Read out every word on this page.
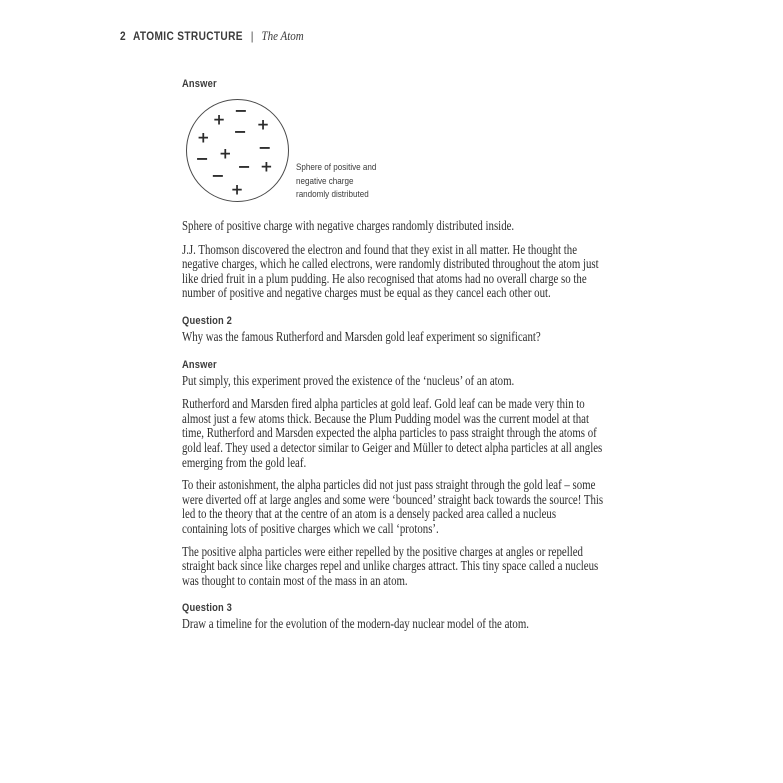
2 ATOMIC STRUCTURE | The Atom
Answer
−
+ +
−
+
−
+
−	+
−
−
+
Sphere of positive and
negative charge
randomly distributed

Sphere of positive charge with negative charges randomly distributed inside.

J.J. Thomson discovered the electron and found that they exist in all matter. He thought the negative charges, which he called electrons, were randomly distributed throughout the atom just like dried fruit in a plum pudding. He also recognised that atoms had no overall charge so the number of positive and negative charges must be equal as they cancel each other out.

Question 2

Why was the famous Rutherford and Marsden gold leaf experiment so significant?

Answer

Put simply, this experiment proved the existence of the ‘nucleus’ of an atom.

Rutherford and Marsden fired alpha particles at gold leaf. Gold leaf can be made very thin to almost just a few atoms thick. Because the Plum Pudding model was the current model at that time, Rutherford and Marsden expected the alpha particles to pass straight through the atoms of gold leaf. They used a detector similar to Geiger and Müller to detect alpha particles at all angles emerging from the gold leaf.

To their astonishment, the alpha particles did not just pass straight through the gold leaf – some were diverted off at large angles and some were ‘bounced’ straight back towards the source! This led to the theory that at the centre of an atom is a densely packed area called a nucleus containing lots of positive charges which we call ‘protons’.

The positive alpha particles were either repelled by the positive charges at angles or repelled straight back since like charges repel and unlike charges attract. This tiny space called a nucleus was thought to contain most of the mass in an atom.

Question 3

Draw a timeline for the evolution of the modern-day nuclear model of the atom.
